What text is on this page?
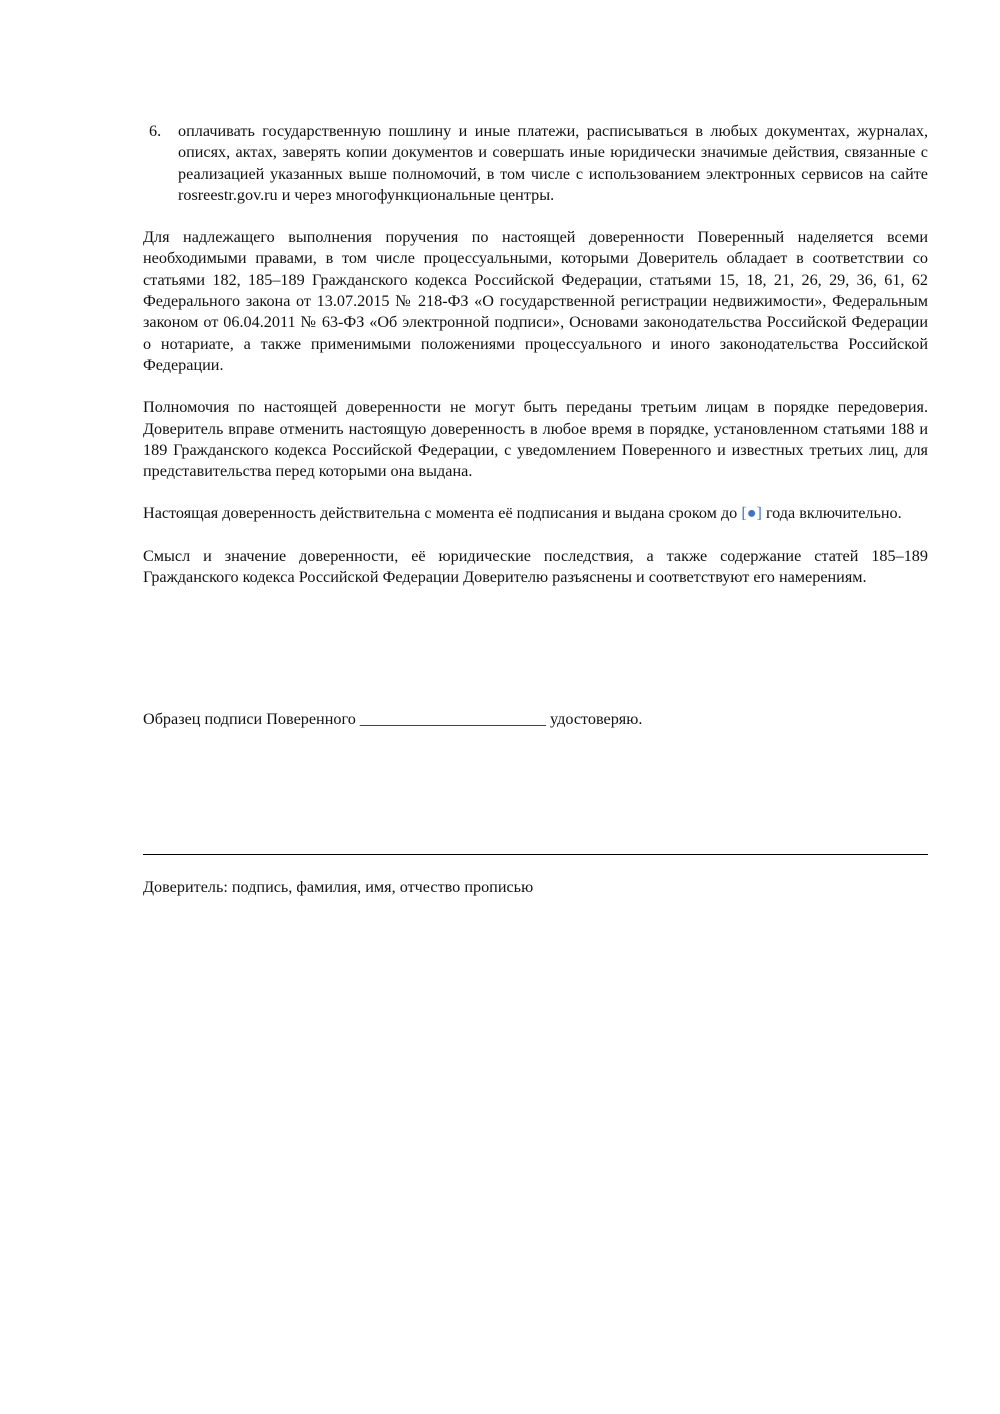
6. оплачивать государственную пошлину и иные платежи, расписываться в любых документах, журналах, описях, актах, заверять копии документов и совершать иные юридически значимые действия, связанные с реализацией указанных выше полномочий, в том числе с использованием электронных сервисов на сайте rosreestr.gov.ru и через многофункциональные центры.

Для надлежащего выполнения поручения по настоящей доверенности Поверенный наделяется всеми необходимыми правами, в том числе процессуальными, которыми Доверитель обладает в соответствии со статьями 182, 185–189 Гражданского кодекса Российской Федерации, статьями 15, 18, 21, 26, 29, 36, 61, 62 Федерального закона от 13.07.2015 № 218-ФЗ «О государственной регистрации недвижимости», Федеральным законом от 06.04.2011 № 63-ФЗ «Об электронной подписи», Основами законодательства Российской Федерации о нотариате, а также применимыми положениями процессуального и иного законодательства Российской Федерации.

Полномочия по настоящей доверенности не могут быть переданы третьим лицам в порядке передоверия. Доверитель вправе отменить настоящую доверенность в любое время в порядке, установленном статьями 188 и 189 Гражданского кодекса Российской Федерации, с уведомлением Поверенного и известных третьих лиц, для представительства перед которыми она выдана.

Настоящая доверенность действительна с момента её подписания и выдана сроком до [●] года включительно.

Смысл и значение доверенности, её юридические последствия, а также содержание статей 185–189 Гражданского кодекса Российской Федерации Доверителю разъяснены и соответствуют его намерениям.

Образец подписи Поверенного _______________________ удостоверяю.
Доверитель: подпись, фамилия, имя, отчество прописью
